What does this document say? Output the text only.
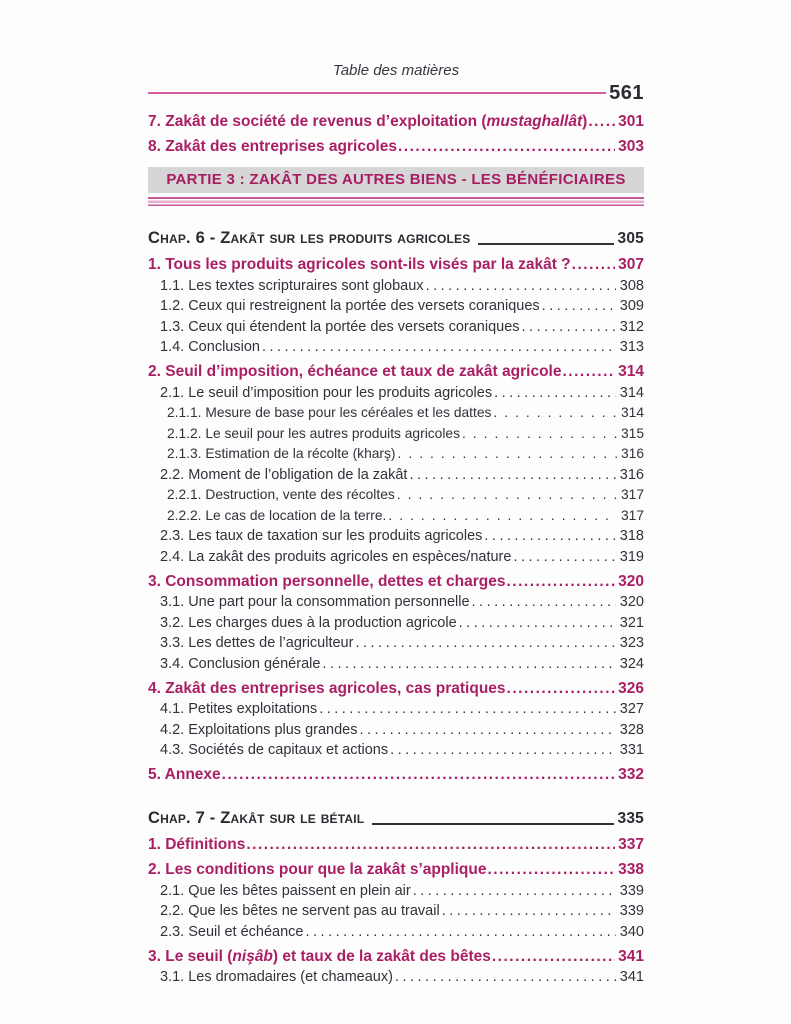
Table des matières
561
7. Zakât de société de revenus d’exploitation (mustaghallât) ..... 301
8. Zakât des entreprises agricoles .....	303
PARTIE 3 : ZAKÂT DES AUTRES BIENS - LES BÉNÉFICIAIRES
Chap. 6 - Zakât sur les produits agricoles	305
1. Tous les produits agricoles sont-ils visés par la zakât ? .....	307
1.1. Les textes scripturaires sont globaux .....	308
1.2. Ceux qui restreignent la portée des versets coraniques .....	309
1.3. Ceux qui étendent la portée des versets coraniques .....	312
1.4. Conclusion .....	313
2. Seuil d’imposition, échéance et taux de zakât agricole .....	314
2.1. Le seuil d’imposition pour les produits agricoles .....	314
2.1.1. Mesure de base pour les céréales et les dattes .....	314
2.1.2. Le seuil pour les autres produits agricoles .....	315
2.1.3. Estimation de la récolte (kharş) .....	316
2.2. Moment de l’obligation de la zakât .....	316
2.2.1. Destruction, vente des récoltes .....	317
2.2.2. Le cas de location de la terre. .....	317
2.3. Les taux de taxation sur les produits agricoles .....	318
2.4. La zakât des produits agricoles en espèces/nature .....	319
3. Consommation personnelle, dettes et charges .....	320
3.1. Une part pour la consommation personnelle .....	320
3.2. Les charges dues à la production agricole .....	321
3.3. Les dettes de l’agriculteur .....	323
3.4. Conclusion générale .....	324
4. Zakât des entreprises agricoles, cas pratiques .....	326
4.1. Petites exploitations .....	327
4.2. Exploitations plus grandes .....	328
4.3. Sociétés de capitaux et actions .....	331
5. Annexe .....	332
Chap. 7 - Zakât sur le bétail	335
1. Définitions .....	337
2. Les conditions pour que la zakât s’applique .....	338
2.1. Que les bêtes paissent en plein air .....	339
2.2. Que les bêtes ne servent pas au travail .....	339
2.3. Seuil et échéance .....	340
3. Le seuil (nişâb) et taux de la zakât des bêtes .....	341
3.1. Les dromadaires (et chameaux) .....	341
